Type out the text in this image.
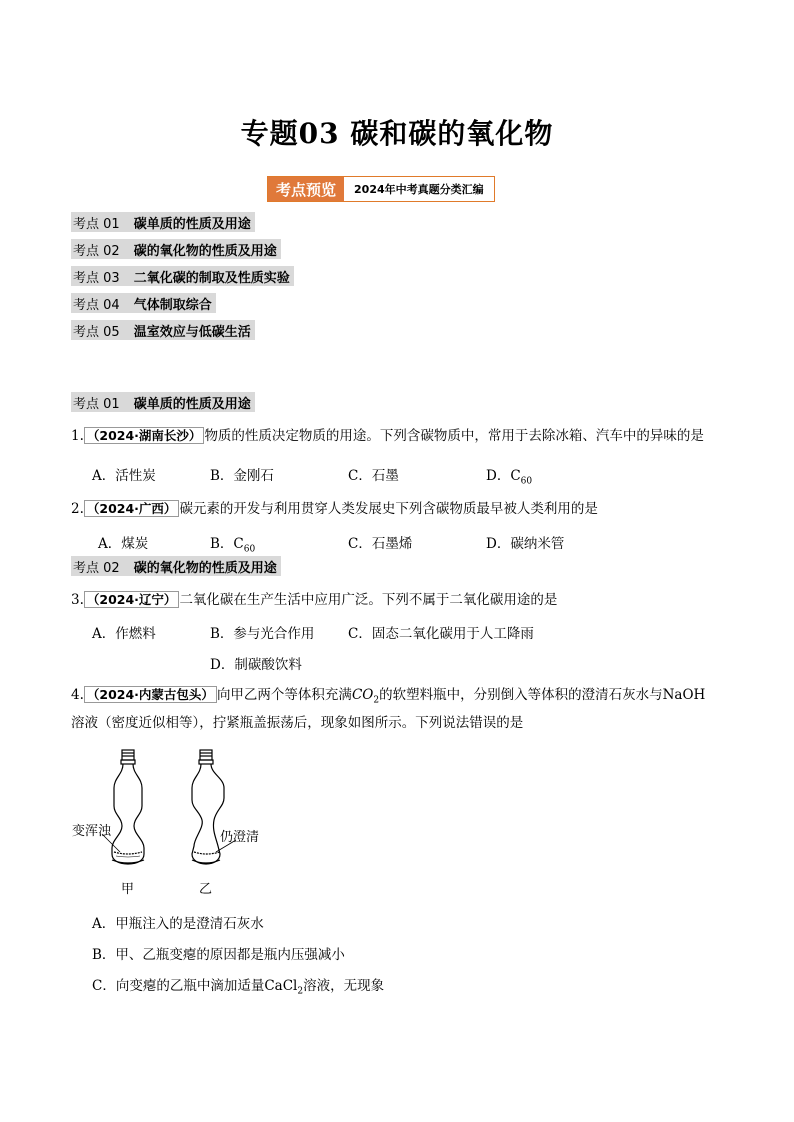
专题03 碳和碳的氧化物
考点预览	2024年中考真题分类汇编
考点 01 碳单质的性质及用途
考点 02 碳的氧化物的性质及用途
考点 03 二氧化碳的制取及性质实验
考点 04 气体制取综合
考点 05 温室效应与低碳生活
考点 01 碳单质的性质及用途
1. （2024·湖南长沙） 物质的性质决定物质的用途。下列含碳物质中，常用于去除冰箱、汽车中的异味的是
A．活性炭	B．金刚石	C．石墨	D．$C_{60}$
2. （2024·广西） 碳元素的开发与利用贯穿人类发展史下列含碳物质最早被人类利用的是
A．煤炭	B．$C_{60}$	C．石墨烯	D．碳纳米管
考点 02 碳的氧化物的性质及用途
3. （2024·辽宁） 二氧化碳在生产生活中应用广泛。下列不属于二氧化碳用途的是
A．作燃料	B．参与光合作用 C．固态二氧化碳用于人工降雨
D．制碳酸饮料
4. （2024·内蒙古包头） 向甲乙两个等体积充满$CO_2$的软塑料瓶中，分别倒入等体积的澄清石灰水与NaOH
溶液（密度近似相等），拧紧瓶盖振荡后，现象如图所示。下列说法错误的是
变浑浊	仍澄清
甲	乙
A．甲瓶注入的是澄清石灰水
B．甲、乙瓶变瘪的原因都是瓶内压强减小
C．向变瘪的乙瓶中滴加适量CaCl$_2$溶液，无现象
